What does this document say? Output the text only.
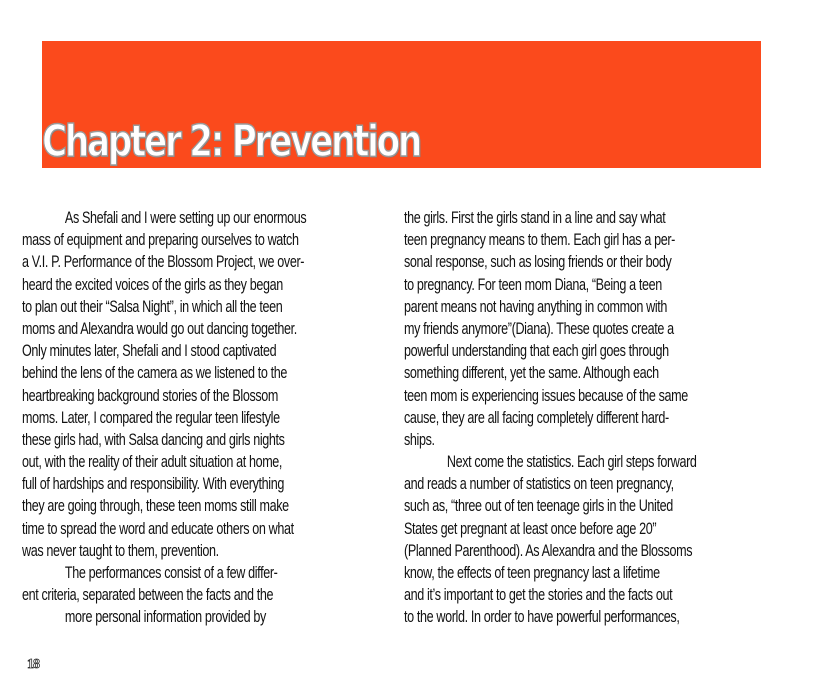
Chapter 2: Prevention
As Shefali and I were setting up our enormous
mass of equipment and preparing ourselves to watch
a V.I. P. Performance of the Blossom Project, we over-
heard the excited voices of the girls as they began
to plan out their “Salsa Night”, in which all the teen
moms and Alexandra would go out dancing together.
Only minutes later, Shefali and I stood captivated
behind the lens of the camera as we listened to the
heartbreaking background stories of the Blossom
moms. Later, I compared the regular teen lifestyle
these girls had, with Salsa dancing and girls nights
out, with the reality of their adult situation at home,
full of hardships and responsibility. With everything
they are going through, these teen moms still make
time to spread the word and educate others on what
was never taught to them, prevention.
The performances consist of a few differ-
ent criteria, separated between the facts and the
more personal information provided by
the girls. First the girls stand in a line and say what
teen pregnancy means to them. Each girl has a per-
sonal response, such as losing friends or their body
to pregnancy. For teen mom Diana, “Being a teen
parent means not having anything in common with
my friends anymore”(Diana). These quotes create a
powerful understanding that each girl goes through
something different, yet the same. Although each
teen mom is experiencing issues because of the same
cause, they are all facing completely different hard-
ships.
Next come the statistics. Each girl steps forward
and reads a number of statistics on teen pregnancy,
such as, “three out of ten teenage girls in the United
States get pregnant at least once before age 20”
(Planned Parenthood). As Alexandra and the Blossoms
know, the effects of teen pregnancy last a lifetime
and it’s important to get the stories and the facts out
to the world. In order to have powerful performances,
18
